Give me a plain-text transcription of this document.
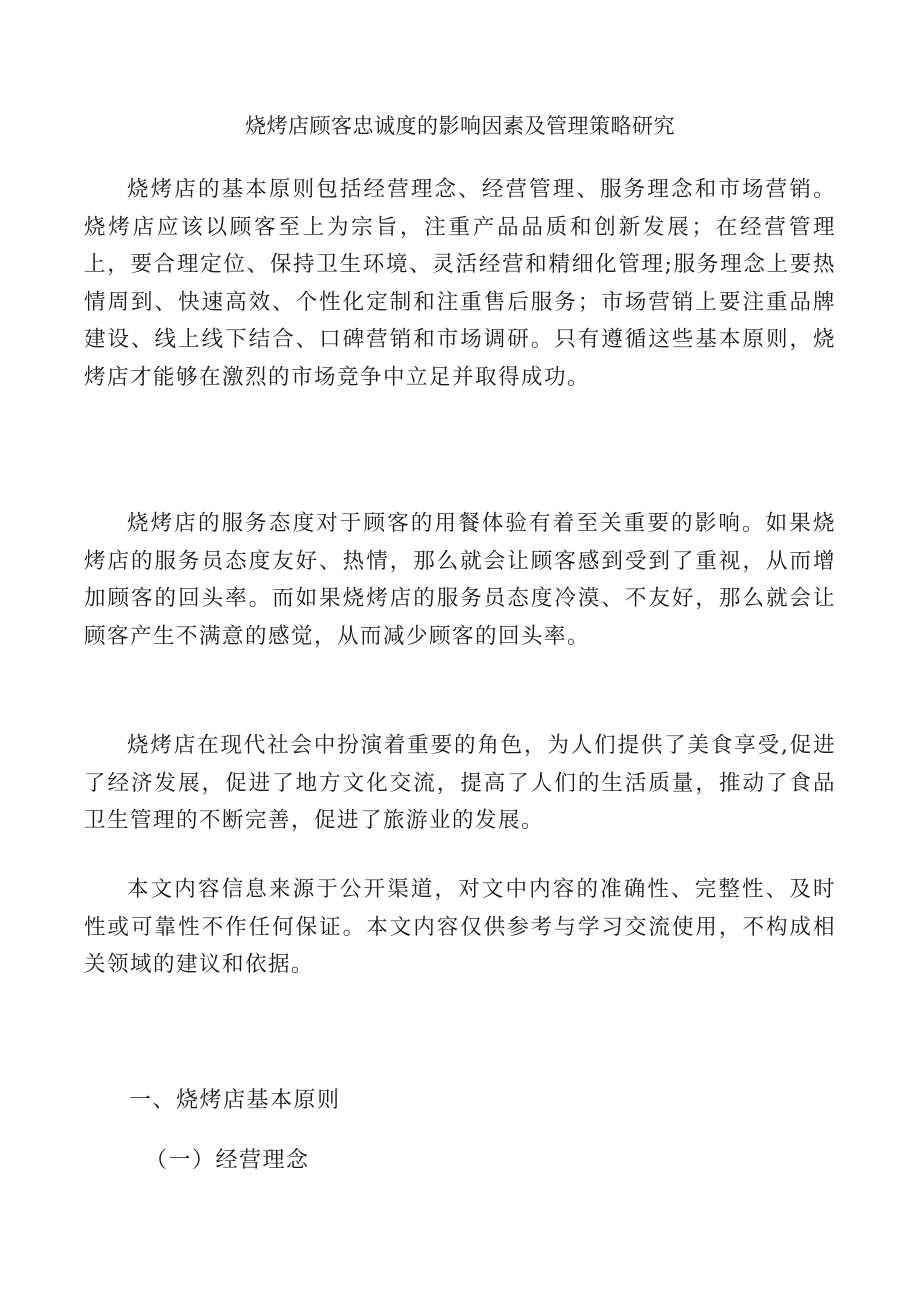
烧烤店顾客忠诚度的影响因素及管理策略研究

烧烤店的基本原则包括经营理念、经营管理、服务理念和市场营销。烧烤店应该以顾客至上为宗旨，注重产品品质和创新发展；在经营管理上，要合理定位、保持卫生环境、灵活经营和精细化管理;服务理念上要热情周到、快速高效、个性化定制和注重售后服务；市场营销上要注重品牌建设、线上线下结合、口碑营销和市场调研。只有遵循这些基本原则，烧烤店才能够在激烈的市场竞争中立足并取得成功。

烧烤店的服务态度对于顾客的用餐体验有着至关重要的影响。如果烧烤店的服务员态度友好、热情，那么就会让顾客感到受到了重视，从而增加顾客的回头率。而如果烧烤店的服务员态度冷漠、不友好，那么就会让顾客产生不满意的感觉，从而减少顾客的回头率。

烧烤店在现代社会中扮演着重要的角色，为人们提供了美食享受,促进了经济发展，促进了地方文化交流，提高了人们的生活质量，推动了食品卫生管理的不断完善，促进了旅游业的发展。

本文内容信息来源于公开渠道，对文中内容的准确性、完整性、及时性或可靠性不作任何保证。本文内容仅供参考与学习交流使用，不构成相关领域的建议和依据。

一、烧烤店基本原则
（一）经营理念
